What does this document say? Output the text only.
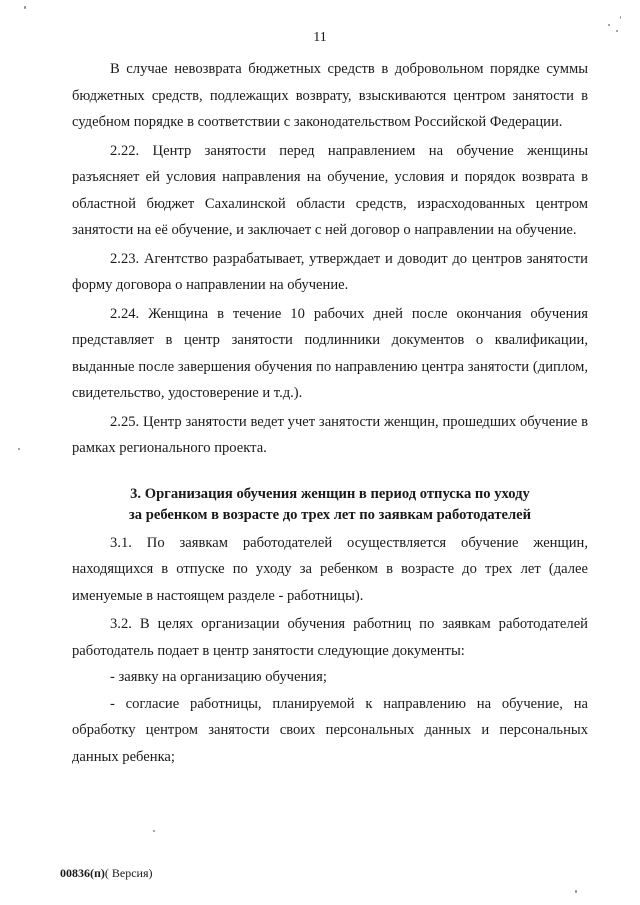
11

В случае невозврата бюджетных средств в добровольном порядке суммы бюджетных средств, подлежащих возврату, взыскиваются центром занятости в судебном порядке в соответствии с законодательством Российской Федерации.

2.22. Центр занятости перед направлением на обучение женщины разъясняет ей условия направления на обучение, условия и порядок возврата в областной бюджет Сахалинской области средств, израсходованных центром занятости на её обучение, и заключает с ней договор о направлении на обучение.

2.23. Агентство разрабатывает, утверждает и доводит до центров занятости форму договора о направлении на обучение.

2.24. Женщина в течение 10 рабочих дней после окончания обучения представляет в центр занятости подлинники документов о квалификации, выданные после завершения обучения по направлению центра занятости (диплом, свидетельство, удостоверение и т.д.).

2.25. Центр занятости ведет учет занятости женщин, прошедших обучение в рамках регионального проекта.

3. Организация обучения женщин в период отпуска по уходу
за ребенком в возрасте до трех лет по заявкам работодателей

3.1. По заявкам работодателей осуществляется обучение женщин, находящихся в отпуске по уходу за ребенком в возрасте до трех лет (далее именуемые в настоящем разделе - работницы).

3.2. В целях организации обучения работниц по заявкам работодателей работодатель подает в центр занятости следующие документы:

- заявку на организацию обучения;

- согласие работницы, планируемой к направлению на обучение, на обработку центром занятости своих персональных данных и персональных данных ребенка;

00836(п)( Версия)
